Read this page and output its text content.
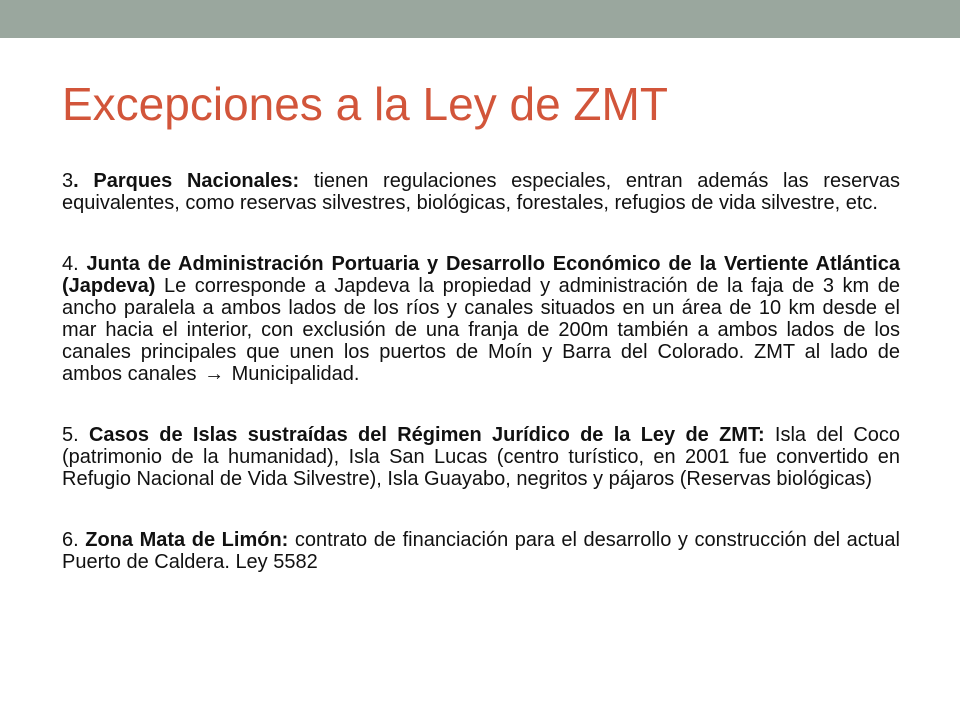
Excepciones a la Ley de ZMT

3. Parques Nacionales: tienen regulaciones especiales, entran además las reservas equivalentes, como reservas silvestres, biológicas, forestales, refugios de vida silvestre, etc.

4. Junta de Administración Portuaria y Desarrollo Económico de la Vertiente Atlántica (Japdeva) Le corresponde a Japdeva la propiedad y administración de la faja de 3 km de ancho paralela a ambos lados de los ríos y canales situados en un área de 10 km desde el mar hacia el interior, con exclusión de una franja de 200m también a ambos lados de los canales principales que unen los puertos de Moín y Barra del Colorado. ZMT al lado de ambos canales → Municipalidad.

5. Casos de Islas sustraídas del Régimen Jurídico de la Ley de ZMT: Isla del Coco (patrimonio de la humanidad), Isla San Lucas (centro turístico, en 2001 fue convertido en Refugio Nacional de Vida Silvestre), Isla Guayabo, negritos y pájaros (Reservas biológicas)

6. Zona Mata de Limón: contrato de financiación para el desarrollo y construcción del actual Puerto de Caldera. Ley 5582
